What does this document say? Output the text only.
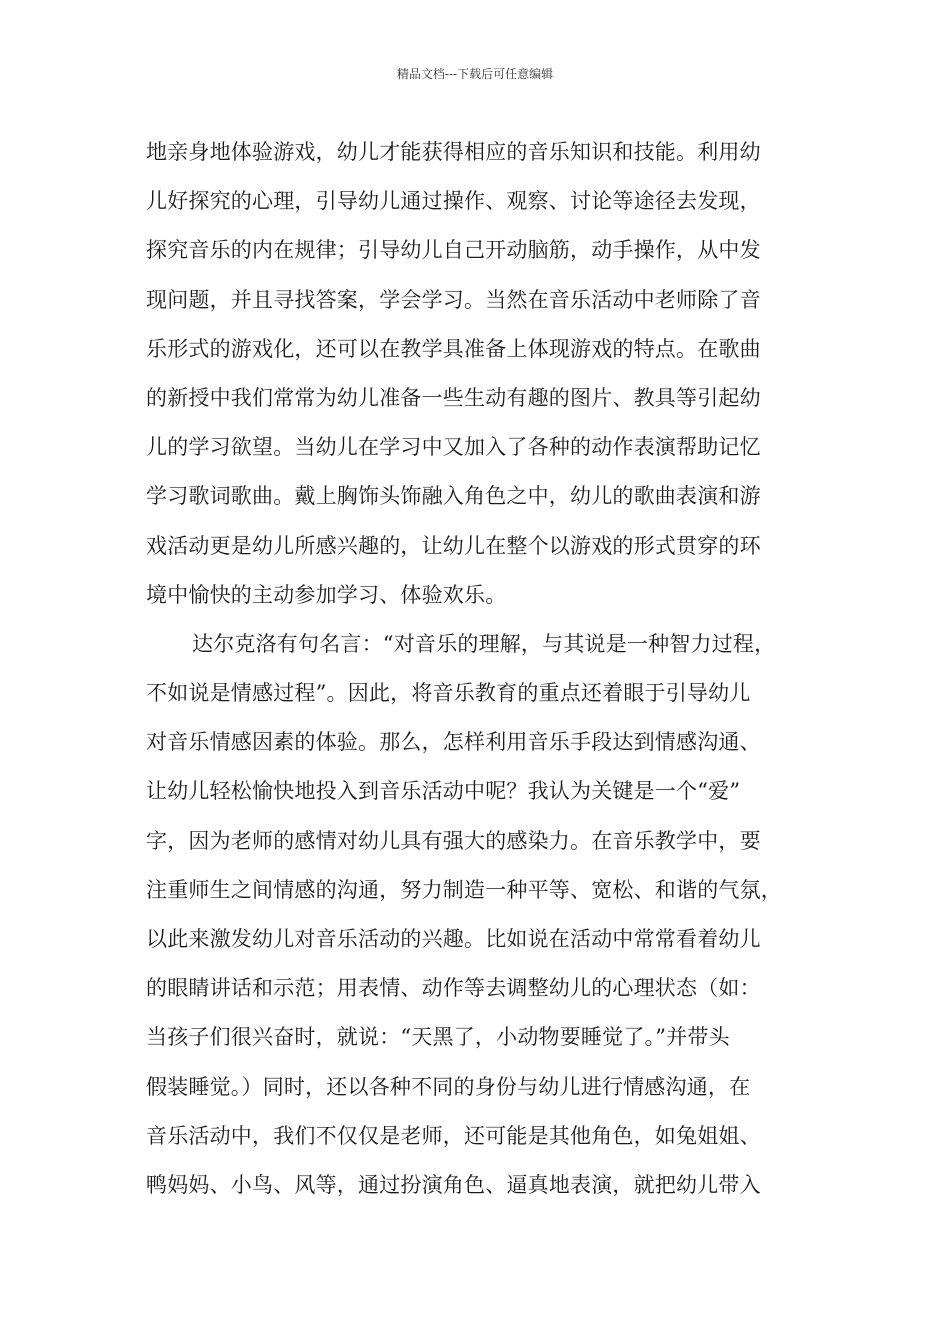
精品文档---下载后可任意编辑
地亲身地体验游戏，幼儿才能获得相应的音乐知识和技能。利用幼
儿好探究的心理，引导幼儿通过操作、观察、讨论等途径去发现，
探究音乐的内在规律；引导幼儿自己开动脑筋，动手操作，从中发
现问题，并且寻找答案，学会学习。当然在音乐活动中老师除了音
乐形式的游戏化，还可以在教学具准备上体现游戏的特点。在歌曲
的新授中我们常常为幼儿准备一些生动有趣的图片、教具等引起幼
儿的学习欲望。当幼儿在学习中又加入了各种的动作表演帮助记忆
学习歌词歌曲。戴上胸饰头饰融入角色之中，幼儿的歌曲表演和游
戏活动更是幼儿所感兴趣的，让幼儿在整个以游戏的形式贯穿的环
境中愉快的主动参加学习、体验欢乐。
达尔克洛有句名言：“对音乐的理解，与其说是一种智力过程，
不如说是情感过程”。因此，将音乐教育的重点还着眼于引导幼儿
对音乐情感因素的体验。那么，怎样利用音乐手段达到情感沟通、
让幼儿轻松愉快地投入到音乐活动中呢？我认为关键是一个“爱”
字，因为老师的感情对幼儿具有强大的感染力。在音乐教学中，要
注重师生之间情感的沟通，努力制造一种平等、宽松、和谐的气氛，
以此来激发幼儿对音乐活动的兴趣。比如说在活动中常常看着幼儿
的眼睛讲话和示范；用表情、动作等去调整幼儿的心理状态（如：
当孩子们很兴奋时，就说：“天黑了，小动物要睡觉了。”并带头
假装睡觉。）同时，还以各种不同的身份与幼儿进行情感沟通，在
音乐活动中，我们不仅仅是老师，还可能是其他角色，如兔姐姐、
鸭妈妈、小鸟、风等，通过扮演角色、逼真地表演，就把幼儿带入
